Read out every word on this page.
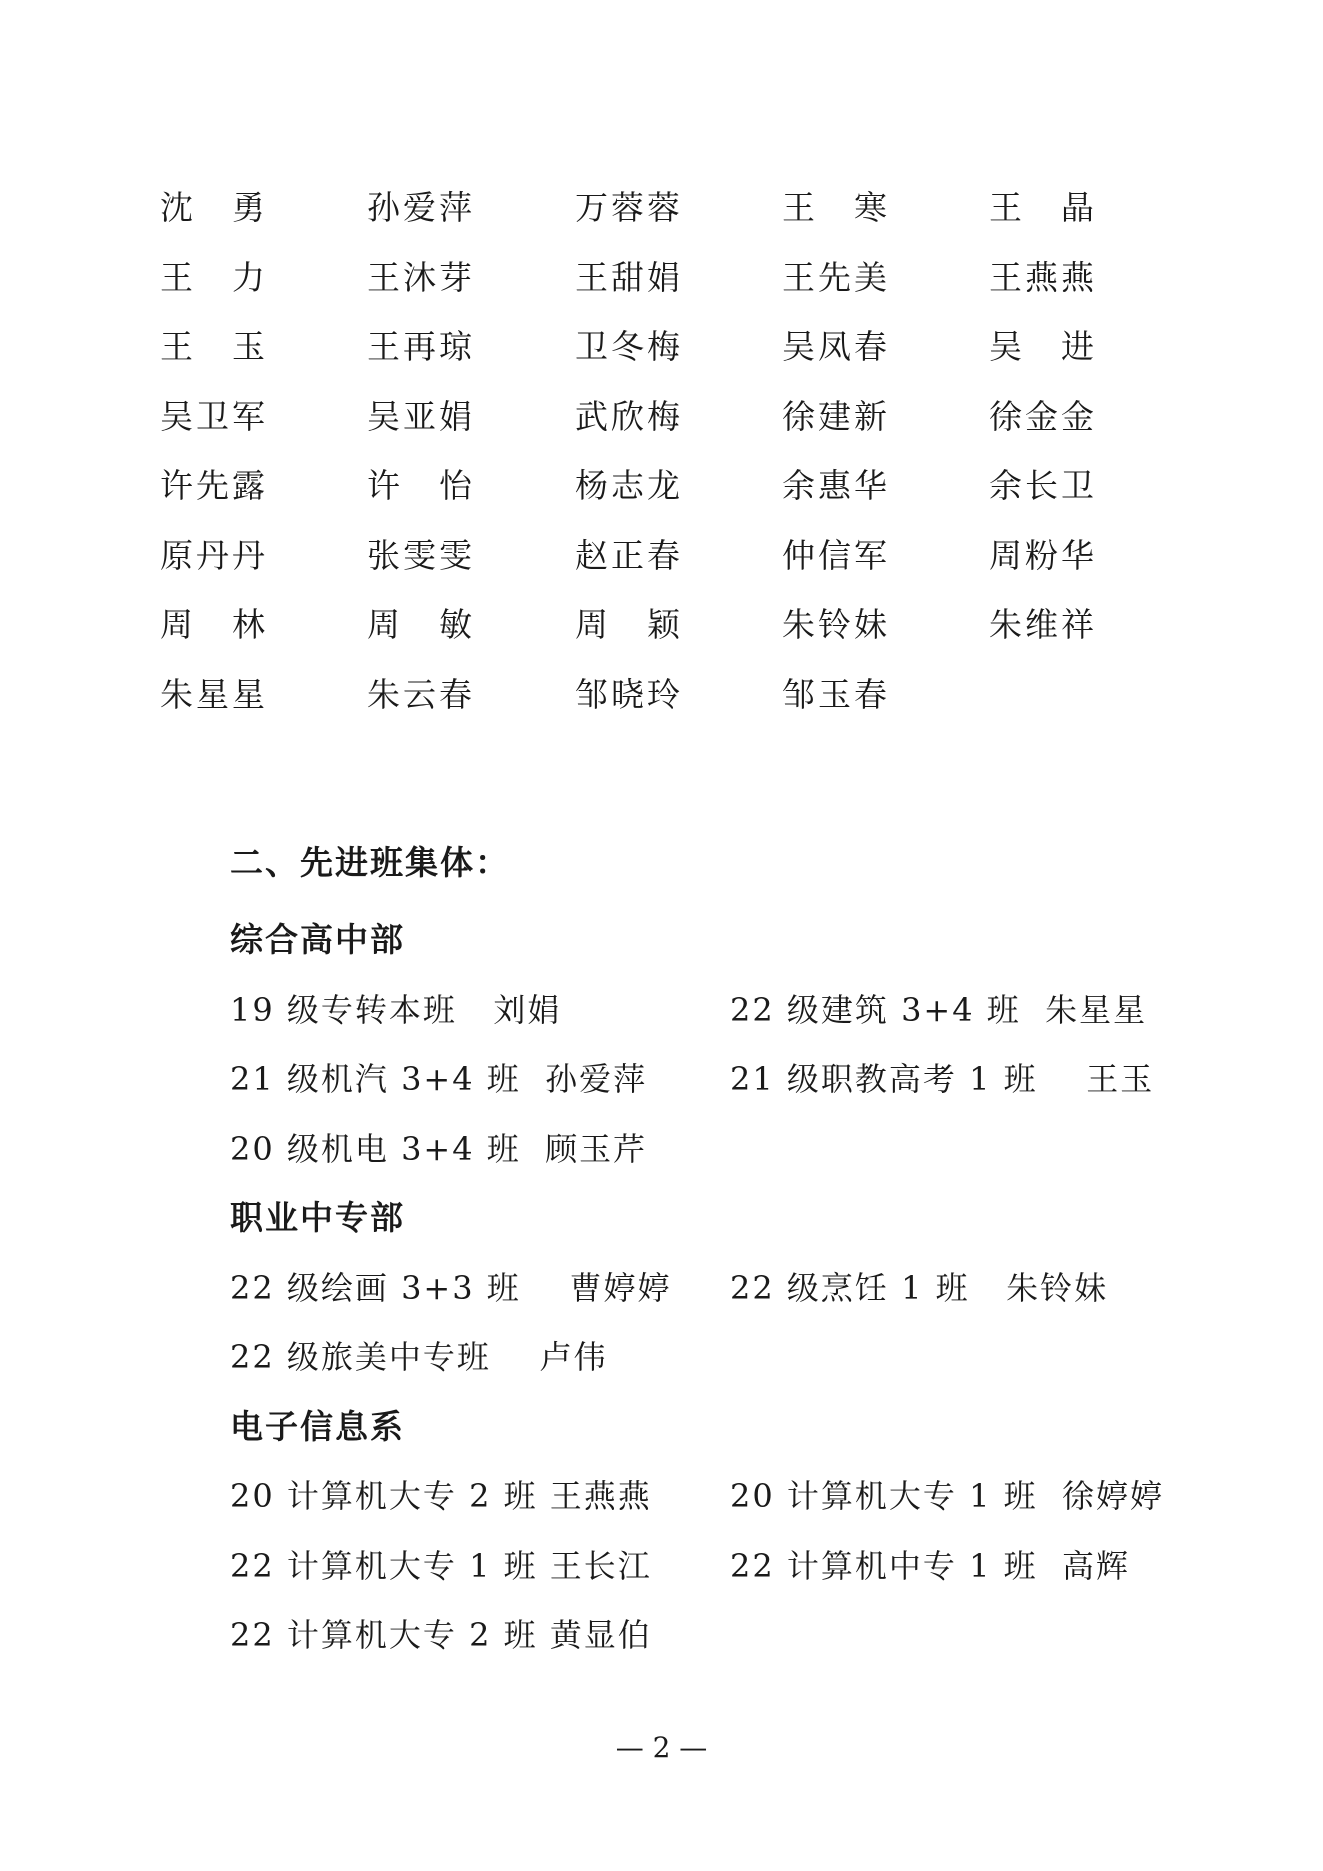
沈　勇	孙爱萍	万蓉蓉	王　寒	王　晶
王　力	王沐芽	王甜娟	王先美	王燕燕
王　玉	王再琼	卫冬梅	吴凤春	吴　进
吴卫军	吴亚娟	武欣梅	徐建新	徐金金
许先露	许　怡	杨志龙	余惠华	余长卫
原丹丹	张雯雯	赵正春	仲信军	周粉华
周　林	周　敏	周　颖	朱铃妹	朱维祥
朱星星	朱云春	邹晓玲	邹玉春
二、先进班集体：
综合高中部
19 级专转本班   刘娟	22 级建筑 3+4 班  朱星星
21 级机汽 3+4 班  孙爱萍	21 级职教高考 1 班    王玉
20 级机电 3+4 班  顾玉芹
职业中专部
22 级绘画 3+3 班    曹婷婷 22 级烹饪 1 班   朱铃妹
22 级旅美中专班    卢伟
电子信息系
20 计算机大专 2 班 王燕燕 20 计算机大专 1 班  徐婷婷
22 计算机大专 1 班 王长江 22 计算机中专 1 班  高辉
22 计算机大专 2 班 黄显伯
— 2 —
